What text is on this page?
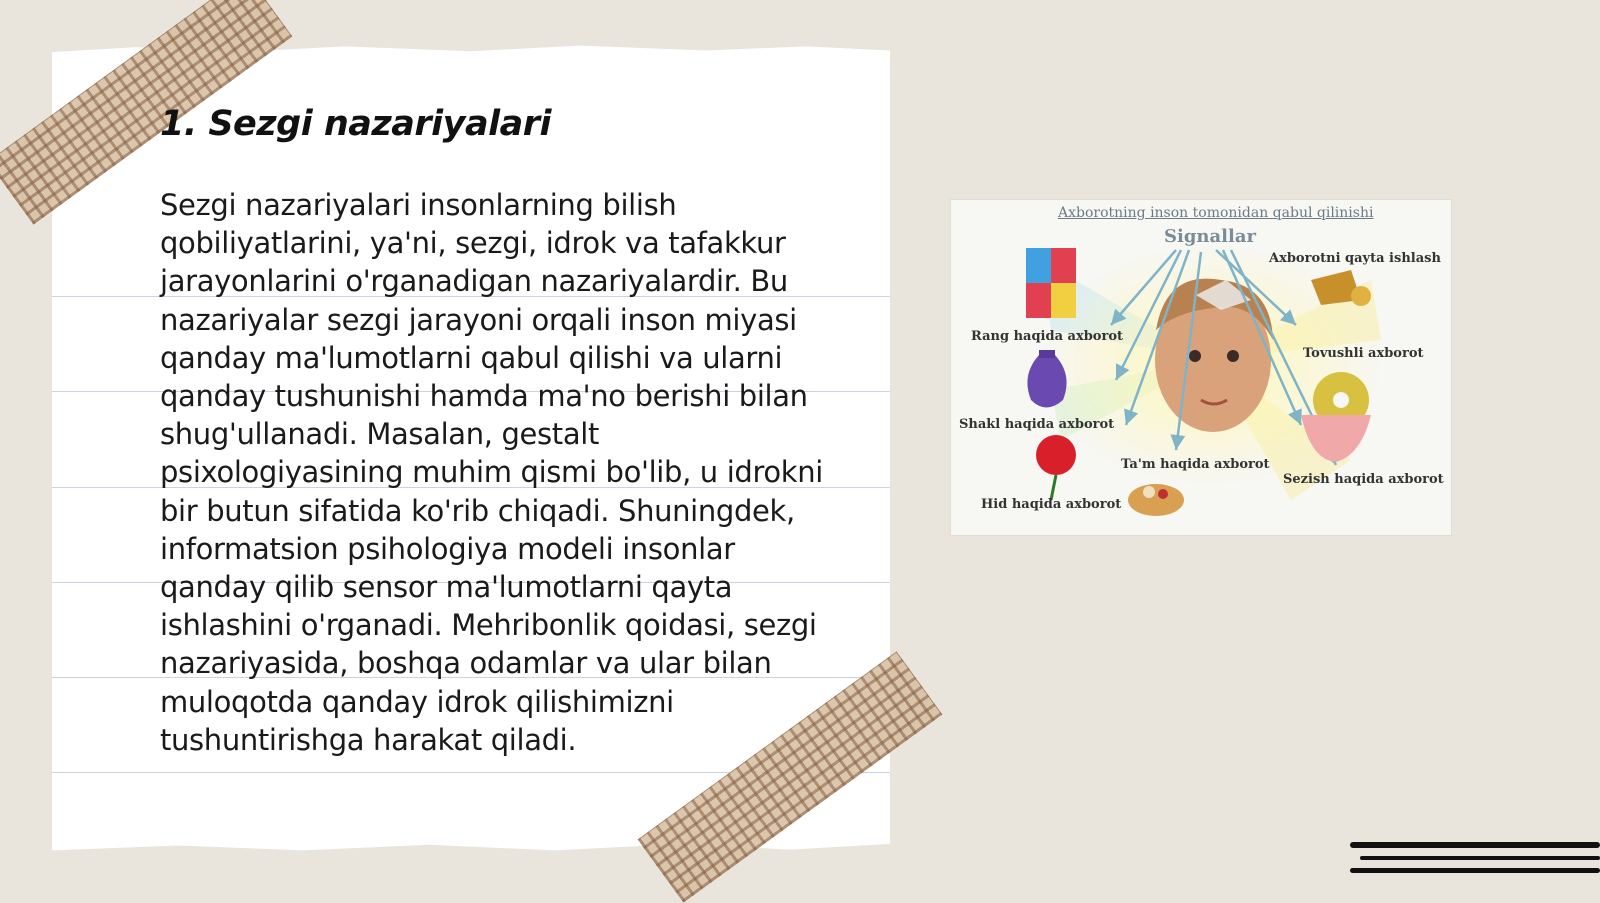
1. Sezgi nazariyalari

Sezgi nazariyalari insonlarning bilish qobiliyatlarini, ya'ni, sezgi, idrok va tafakkur jarayonlarini o'rganadigan nazariyalardir. Bu nazariyalar sezgi jarayoni orqali inson miyasi qanday ma'lumotlarni qabul qilishi va ularni qanday tushunishi hamda ma'no berishi bilan shug'ullanadi. Masalan, gestalt psixologiyasining muhim qismi bo'lib, u idrokni bir butun sifatida ko'rib chiqadi. Shuningdek, informatsion psihologiya modeli insonlar qanday qilib sensor ma'lumotlarni qayta ishlashini o'rganadi. Mehribonlik qoidasi, sezgi nazariyasida, boshqa odamlar va ular bilan muloqotda qanday idrok qilishimizni tushuntirishga harakat qiladi.

Axborotning inson tomonidan qabul qilinishi
Signallar
Rang haqida axborot
Axborotni qayta ishlash
Tovushli axborot
Shakl haqida axborot
Ta'm haqida axborot
Sezish haqida axborot
Hid haqida axborot
